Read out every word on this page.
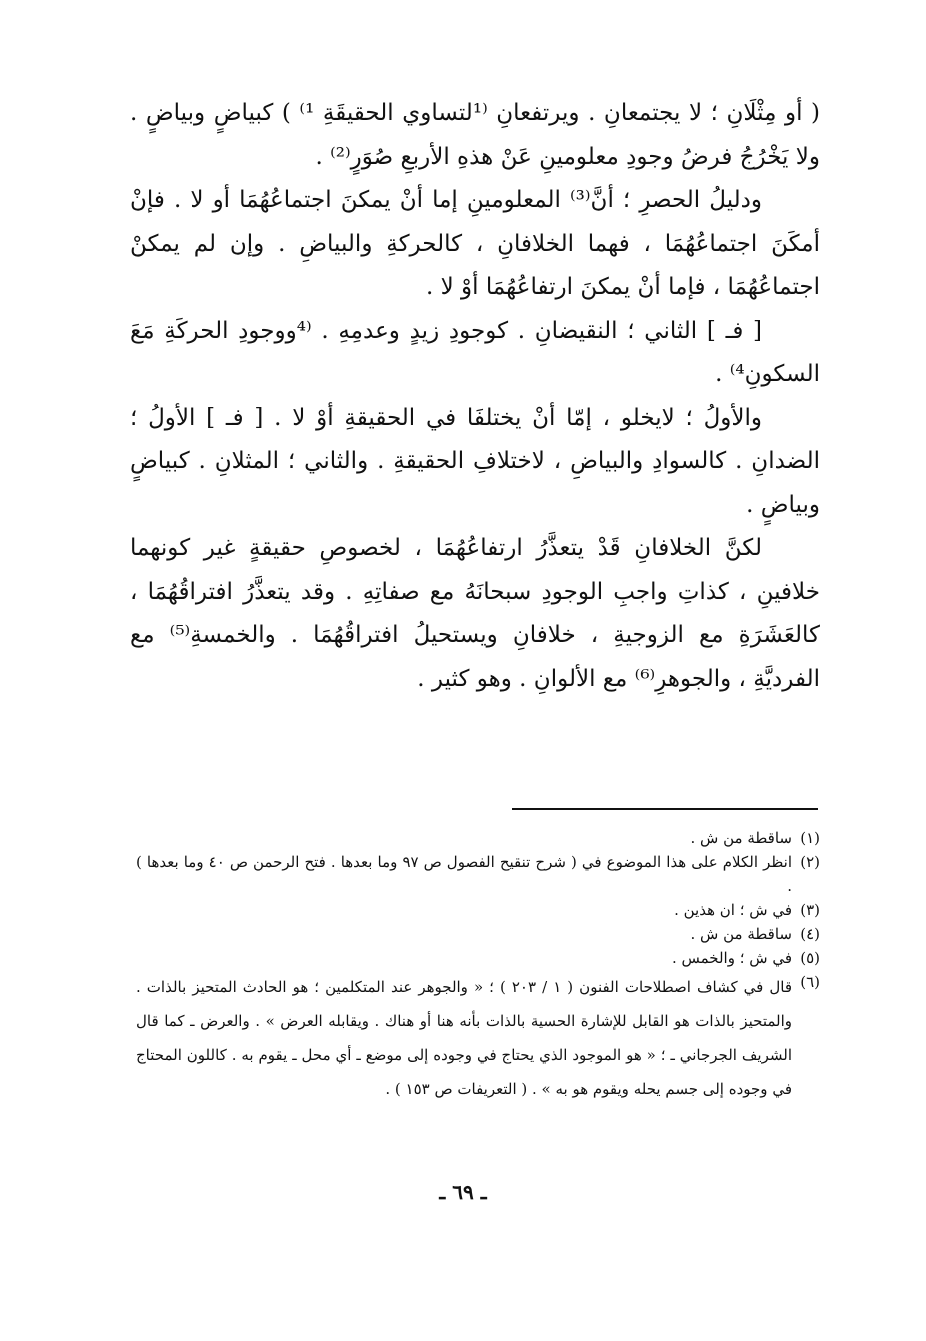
( أو مِثْلَانِ ؛ لا يجتمعانِ . ويرتفعانِ ⁽¹لتساوي الحقيقَةِ ¹⁾ ) كبياضٍ وبياضٍ . ولا يَخْرُجُ فرضُ وجودِ معلومينِ عَنْ هذهِ الأربعِ صُوَرٍ⁽²⁾ .

ودليلُ الحصرِ ؛ أنَّ⁽³⁾ المعلومينِ إما أنْ يمكنَ اجتماعُهُمَا أو لا . فإنْ أمكَنَ اجتماعُهُمَا ، فهما الخلافانِ ، كالحركةِ والبياضِ . وإن لم يمكنْ اجتماعُهُمَا ، فإما أنْ يمكنَ ارتفاعُهُمَا أوْ لا .

[ فـ ] الثاني ؛ النقيضانِ . كوجودِ زيدٍ وعدمِهِ . ⁽⁴ووجودِ الحركَةِ مَعَ السكونِ⁴⁾ .

والأولُ ؛ لايخلو ، إمّا أنْ يختلفَا في الحقيقةِ أوْ لا . [ فـ ] الأولُ ؛ الضدانِ . كالسوادِ والبياضِ ، لاختلافِ الحقيقةِ . والثاني ؛ المثلانِ . كبياضٍ وبياضٍ .

لكنَّ الخلافانِ قَدْ يتعذَّرُ ارتفاعُهُمَا ، لخصوصِ حقيقةٍ غير كونهما خلافينِ ، كذاتِ واجبِ الوجودِ سبحانَهُ مع صفاتِهِ . وقد يتعذَّرُ افتراقُهُمَا ، كالعَشَرَةِ مع الزوجيةِ ، خلافانِ ويستحيلُ افتراقُهُمَا . والخمسةِ⁽⁵⁾ مع الفرديَّةِ ، والجوهرِ⁽⁶⁾ مع الألوانِ . وهو كثير .

(١)
ساقطة من ش .
(٢)
انظر الكلام على هذا الموضوع في ( شرح تنقيح الفصول ص ٩٧ وما بعدها . فتح الرحمن ص ٤٠ وما بعدها ) .
(٣)
في ش ؛ ان هذين .
(٤)
ساقطة من ش .
(٥)
في ش ؛ والخمس .
(٦)
قال في كشاف اصطلاحات الفنون ( ١ / ٢٠٣ ) ؛ « والجوهر عند المتكلمين ؛ هو الحادث المتحيز بالذات . والمتحيز بالذات هو القابل للإشارة الحسية بالذات بأنه هنا أو هناك . ويقابله العرض » . والعرض ـ كما قال الشريف الجرجاني ـ ؛ « هو الموجود الذي يحتاج في وجوده إلى موضع ـ أي محل ـ يقوم به . كاللون المحتاج في وجوده إلى جسم يحله ويقوم هو به » . ( التعريفات ص ١٥٣ ) .
ـ ٦٩ ـ
